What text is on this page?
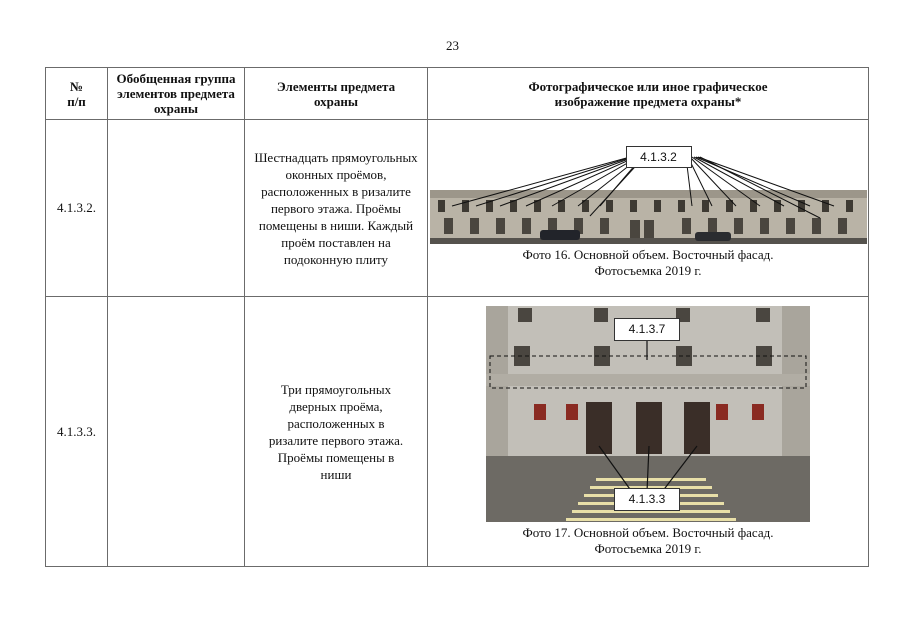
23
№
п/п	Обобщенная группа элементов предмета охраны	Элементы предмета охраны	Фотографическое или иное графическое изображение предмета охраны*
4.1.3.2.		Шестнадцать прямоугольных оконных проёмов, расположенных в ризалите первого этажа. Проёмы помещены в ниши. Каждый проём поставлен на подоконную плиту	4.1.3.2
Фото 16. Основной объем. Восточный фасад.
Фотосъемка 2019 г.

4.1.3.3.		Три прямоугольных дверных проёма, расположенных в ризалите первого этажа. Проёмы помещены в ниши	4.1.3.7
4.1.3.3
Фото 17. Основной объем. Восточный фасад.
Фотосъемка 2019 г.
